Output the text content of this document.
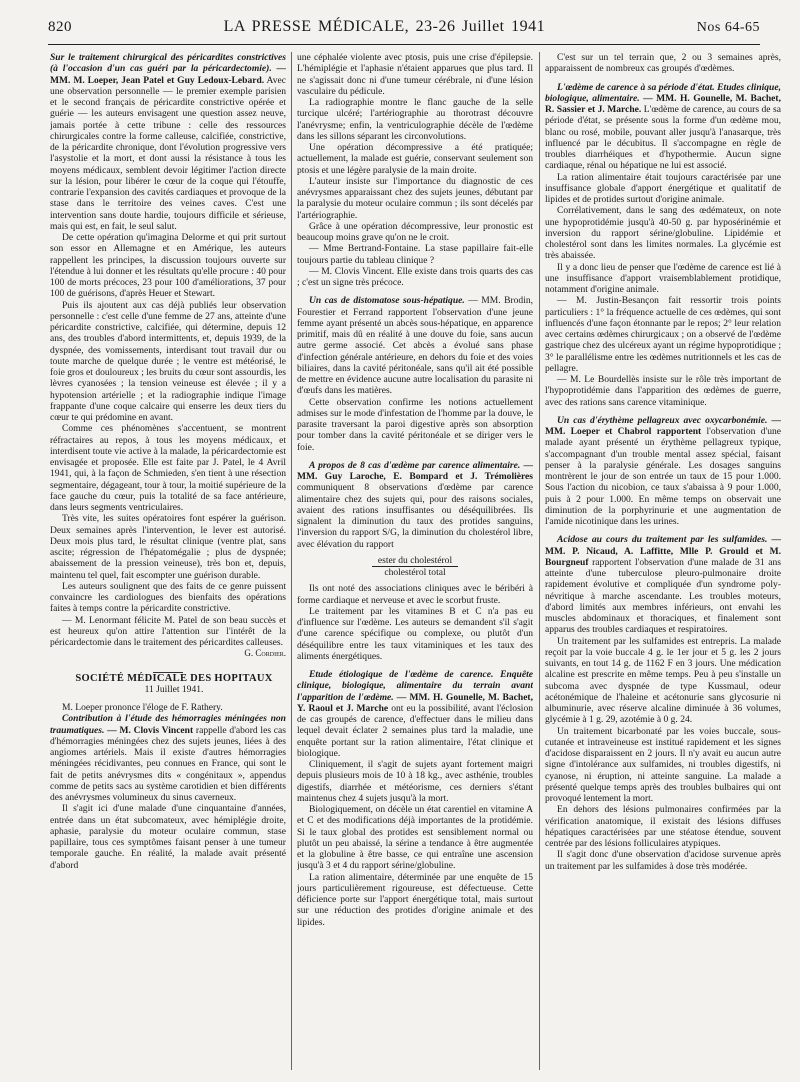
820	LA PRESSE MÉDICALE, 23-26 Juillet 1941	Nos 64-65

Sur le traitement chirurgical des péricardites constrictives (à l'occasion d'un cas guéri par la péricardectomie). — MM. M. Loeper, Jean Patel et Guy Ledoux-Lebard. Avec une observation personnelle — le premier exemple parisien et le second français de péricardite constrictive opérée et guérie — les auteurs envisagent une question assez neuve, jamais portée à cette tribune : celle des ressources chirurgicales contre la forme calleuse, calcifiée, constrictive, de la péricardite chronique, dont l'évolution progressive vers l'asystolie et la mort, et dont aussi la résistance à tous les moyens médicaux, semblent devoir légitimer l'action directe sur la lésion, pour libérer le cœur de la coque qui l'étouffe, contrarie l'expansion des cavités cardiaques et provoque de la stase dans le territoire des veines caves. C'est une intervention sans doute hardie, toujours difficile et sérieuse, mais qui est, en fait, le seul salut.

De cette opération qu'imagina Delorme et qui prit surtout son essor en Allemagne et en Amérique, les auteurs rappellent les principes, la discussion toujours ouverte sur l'étendue à lui donner et les résultats qu'elle procure : 40 pour 100 de morts précoces, 23 pour 100 d'améliorations, 37 pour 100 de guérisons, d'après Heuer et Stewart.

Puis ils ajoutent aux cas déjà publiés leur observation personnelle : c'est celle d'une femme de 27 ans, atteinte d'une péricardite constrictive, calcifiée, qui détermine, depuis 12 ans, des troubles d'abord intermittents, et, depuis 1939, de la dyspnée, des vomissements, interdisant tout travail dur ou toute marche de quelque durée ; le ventre est météorisé, le foie gros et douloureux ; les bruits du cœur sont assourdis, les lèvres cyanosées ; la tension veineuse est élevée ; il y a hypotension artérielle ; et la radiographie indique l'image frappante d'une coque calcaire qui enserre les deux tiers du cœur te qui prédomine en avant.

Comme ces phénomènes s'accentuent, se montrent réfractaires au repos, à tous les moyens médicaux, et interdisent toute vie active à la malade, la péricardectomie est envisagée et proposée. Elle est faite par J. Patel, le 4 Avril 1941, qui, à la façon de Schmieden, s'en tient à une résection segmentaire, dégageant, tour à tour, la moitié supérieure de la face gauche du cœur, puis la totalité de sa face antérieure, dans leurs segments ventriculaires.

Très vite, les suites opératoires font espérer la guérison. Deux semaines après l'intervention, le lever est autorisé. Deux mois plus tard, le résultat clinique (ventre plat, sans ascite; régression de l'hépatomégalie ; plus de dyspnée; abaissement de la pression veineuse), très bon et, depuis, maintenu tel quel, fait escompter une guérison durable.

Les auteurs soulignent que des faits de ce genre puissent convaincre les cardiologues des bienfaits des opérations faites à temps contre la péricardite constrictive.

— M. Lenormant félicite M. Patel de son beau succès et est heureux qu'on attire l'attention sur l'intérêt de la péricardectomie dans le traitement des péricardites calleuses.

G. Cordier.

SOCIÉTÉ MÉDICALE DES HOPITAUX

11 Juillet 1941.

M. Loeper prononce l'éloge de F. Rathery.

Contribution à l'étude des hémorragies méningées non traumatiques. — M. Clovis Vincent rappelle d'abord les cas d'hémorragies méningées chez des sujets jeunes, liées à des angiomes artériels. Mais il existe d'autres hémorragies méningées récidivantes, peu connues en France, qui sont le fait de petits anévrysmes dits « congénitaux », appendus comme de petits sacs au système carotidien et bien différents des anévrysmes volumineux du sinus caverneux.

Il s'agit ici d'une malade d'une cinquantaine d'années, entrée dans un état subcomateux, avec hémiplégie droite, aphasie, paralysie du moteur oculaire commun, stase papillaire, tous ces symptômes faisant penser à une tumeur temporale gauche. En réalité, la malade avait présenté d'abord

une céphalée violente avec ptosis, puis une crise d'épilepsie. L'hémiplégie et l'aphasie n'étaient apparues que plus tard. Il ne s'agissait donc ni d'une tumeur cérébrale, ni d'une lésion vasculaire du pédicule.

La radiographie montre le flanc gauche de la selle turcique ulcéré; l'artériographie au thorotrast découvre l'anévrysme; enfin, la ventriculographie décèle de l'œdème dans les sillons séparant les circonvolutions.

Une opération décompressive a été pratiquée; actuellement, la malade est guérie, conservant seulement son ptosis et une légère paralysie de la main droite.

L'auteur insiste sur l'importance du diagnostic de ces anévrysmes apparaissant chez des sujets jeunes, débutant par la paralysie du moteur oculaire commun ; ils sont décelés par l'artériographie.

Grâce à une opération décompressive, leur pronostic est beaucoup moins grave qu'on ne le croit.

— Mme Bertrand-Fontaine. La stase papillaire fait-elle toujours partie du tableau clinique ?

— M. Clovis Vincent. Elle existe dans trois quarts des cas ; c'est un signe très précoce.

Un cas de distomatose sous-hépatique. — MM. Brodin, Fourestier et Ferrand rapportent l'observation d'une jeune femme ayant présenté un abcès sous-hépatique, en apparence primitif, mais dû en réalité à une douve du foie, sans aucun autre germe associé. Cet abcès a évolué sans phase d'infection générale antérieure, en dehors du foie et des voies biliaires, dans la cavité péritonéale, sans qu'il ait été possible de mettre en évidence aucune autre localisation du parasite ni d'œufs dans les matières.

Cette observation confirme les notions actuellement admises sur le mode d'infestation de l'homme par la douve, le parasite traversant la paroi digestive après son absorption pour tomber dans la cavité péritonéale et se diriger vers le foie.

A propos de 8 cas d'œdème par carence alimentaire. — MM. Guy Laroche, E. Bompard et J. Trémolières communiquent 8 observations d'œdème par carence alimentaire chez des sujets qui, pour des raisons sociales, avaient des rations insuffisantes ou déséquilibrées. Ils signalent la diminution du taux des protides sanguins, l'inversion du rapport S/G, la diminution du cholestérol libre, avec élévation du rapport

ester du cholestérol
cholestérol total

Ils ont noté des associations cliniques avec le béribéri à forme cardiaque et nerveuse et avec le scorbut fruste.

Le traitement par les vitamines B et C n'a pas eu d'influence sur l'œdème. Les auteurs se demandent s'il s'agit d'une carence spécifique ou complexe, ou plutôt d'un déséquilibre entre les taux vitaminiques et les taux des aliments énergétiques.

Etude étiologique de l'œdème de carence. Enquête clinique, biologique, alimentaire du terrain avant l'apparition de l'œdème. — MM. H. Gounelle, M. Bachet, Y. Raoul et J. Marche ont eu la possibilité, avant l'éclosion de cas groupés de carence, d'effectuer dans le milieu dans lequel devait éclater 2 semaines plus tard la maladie, une enquête portant sur la ration alimentaire, l'état clinique et biologique.

Cliniquement, il s'agit de sujets ayant fortement maigri depuis plusieurs mois de 10 à 18 kg., avec asthénie, troubles digestifs, diarrhée et météorisme, ces derniers s'étant maintenus chez 4 sujets jusqu'à la mort.

Biologiquement, on décèle un état carentiel en vitamine A et C et des modifications déjà importantes de la protidémie. Si le taux global des protides est sensiblement normal ou plutôt un peu abaissé, la sérine a tendance à être augmentée et la globuline à être basse, ce qui entraîne une ascension jusqu'à 3 et 4 du rapport sérine/globuline.

La ration alimentaire, déterminée par une enquête de 15 jours particulièrement rigoureuse, est défectueuse. Cette déficience porte sur l'apport énergétique total, mais surtout sur une réduction des protides d'origine animale et des lipides.

C'est sur un tel terrain que, 2 ou 3 semaines après, apparaissent de nombreux cas groupés d'œdèmes.

L'œdème de carence à sa période d'état. Etudes clinique, biologique, alimentaire. — MM. H. Gounelle, M. Bachet, R. Sassier et J. Marche. L'œdème de carence, au cours de sa période d'état, se présente sous la forme d'un œdème mou, blanc ou rosé, mobile, pouvant aller jusqu'à l'anasarque, très influencé par le décubitus. Il s'accompagne en règle de troubles diarrhéiques et d'hypothermie. Aucun signe cardiaque, rénal ou hépatique ne lui est associé.

La ration alimentaire était toujours caractérisée par une insuffisance globale d'apport énergétique et qualitatif de lipides et de protides surtout d'origine animale.

Corrélativement, dans le sang des œdémateux, on note une hypoprotidémie jusqu'à 40-50 g. par hyposérinémie et inversion du rapport sérine/globuline. Lipidémie et cholestérol sont dans les limites normales. La glycémie est très abaissée.

Il y a donc lieu de penser que l'œdème de carence est lié à une insuffisance d'apport vraisemblablement protidique, notamment d'origine animale.

— M. Justin-Besançon fait ressortir trois points particuliers : 1° la fréquence actuelle de ces œdèmes, qui sont influencés d'une façon étonnante par le repos; 2° leur relation avec certains œdèmes chirurgicaux ; on a observé de l'œdème gastrique chez des ulcéreux ayant un régime hypoprotidique ; 3° le parallélisme entre les œdèmes nutritionnels et les cas de pellagre.

— M. Le Bourdellès insiste sur le rôle très important de l'hypoprotidémie dans l'apparition des œdèmes de guerre, avec des rations sans carence vitaminique.

Un cas d'érythème pellagreux avec oxycarbonémie. — MM. Loeper et Chabrol rapportent l'observation d'une malade ayant présenté un érythème pellagreux typique, s'accompagnant d'un trouble mental assez spécial, faisant penser à la paralysie générale. Les dosages sanguins montrèrent le jour de son entrée un taux de 15 pour 1.000. Sous l'action du nicobion, ce taux s'abaissa à 9 pour 1.000, puis à 2 pour 1.000. En même temps on observait une diminution de la porphyrinurie et une augmentation de l'amide nicotinique dans les urines.

Acidose au cours du traitement par les sulfamides. — MM. P. Nicaud, A. Laffitte, Mlle P. Grould et M. Bourgneuf rapportent l'observation d'une malade de 31 ans atteinte d'une tuberculose pleuro-pulmonaire droite rapidement évolutive et compliquée d'un syndrome poly-névritique à marche ascendante. Les troubles moteurs, d'abord limités aux membres inférieurs, ont envahi les muscles abdominaux et thoraciques, et finalement sont apparus des troubles cardiaques et respiratoires.

Un traitement par les sulfamides est entrepris. La malade reçoit par la voie buccale 4 g. le 1er jour et 5 g. les 2 jours suivants, en tout 14 g. de 1162 F en 3 jours. Une médication alcaline est prescrite en même temps. Peu à peu s'installe un subcoma avec dyspnée de type Kussmaul, odeur acétonémique de l'haleine et acétonurie sans glycosurie ni albuminurie, avec réserve alcaline diminuée à 36 volumes, glycémie à 1 g. 29, azotémie à 0 g. 24.

Un traitement bicarbonaté par les voies buccale, sous-cutanée et intraveineuse est institué rapidement et les signes d'acidose disparaissent en 2 jours. Il n'y avait eu aucun autre signe d'intolérance aux sulfamides, ni troubles digestifs, ni cyanose, ni éruption, ni atteinte sanguine. La malade a présenté quelque temps après des troubles bulbaires qui ont provoqué lentement la mort.

En dehors des lésions pulmonaires confirmées par la vérification anatomique, il existait des lésions diffuses hépatiques caractérisées par une stéatose étendue, souvent centrée par des lésions folliculaires atypiques.

Il s'agit donc d'une observation d'acidose survenue après un traitement par les sulfamides à dose très modérée.
